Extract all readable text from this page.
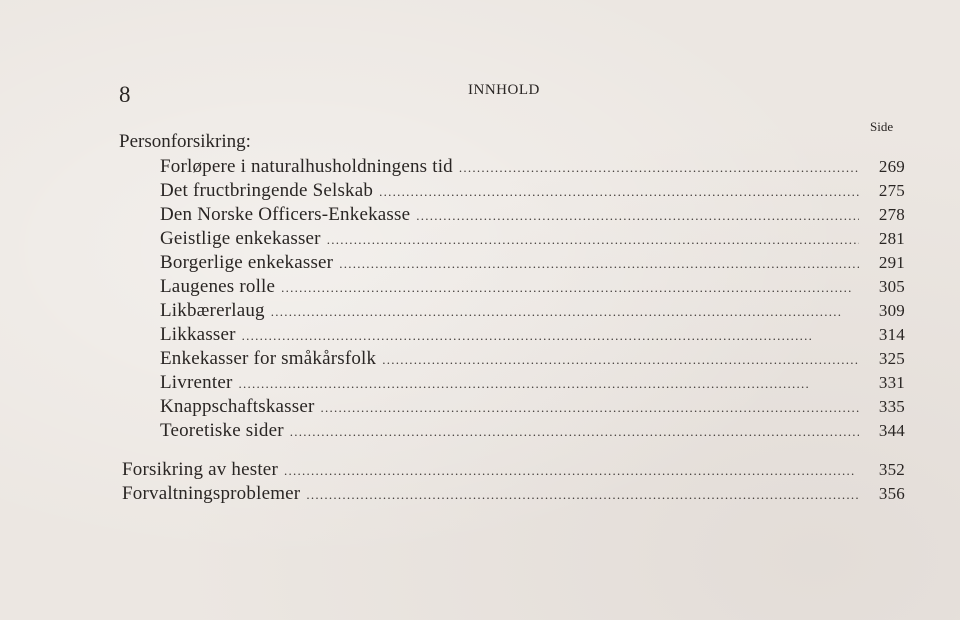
8	INNHOLD
Side
Personforsikring:
Forløpere i naturalhusholdningens tid . . .	269
Det fructbringende Selskab . . .	275
Den Norske Officers-Enkekasse . . .	278
Geistlige enkekasser . . .	281
Borgerlige enkekasser . . .	291
Laugenes rolle . . .	305
Likbærerlaug . . .	309
Likkasser . . .	314
Enkekasser for småkårsfolk . . .	325
Livrenter . . .	331
Knappschaftskasser . . .	335
Teoretiske sider . . .	344
Forsikring av hester . . .	352
Forvaltningsproblemer . . .	356
